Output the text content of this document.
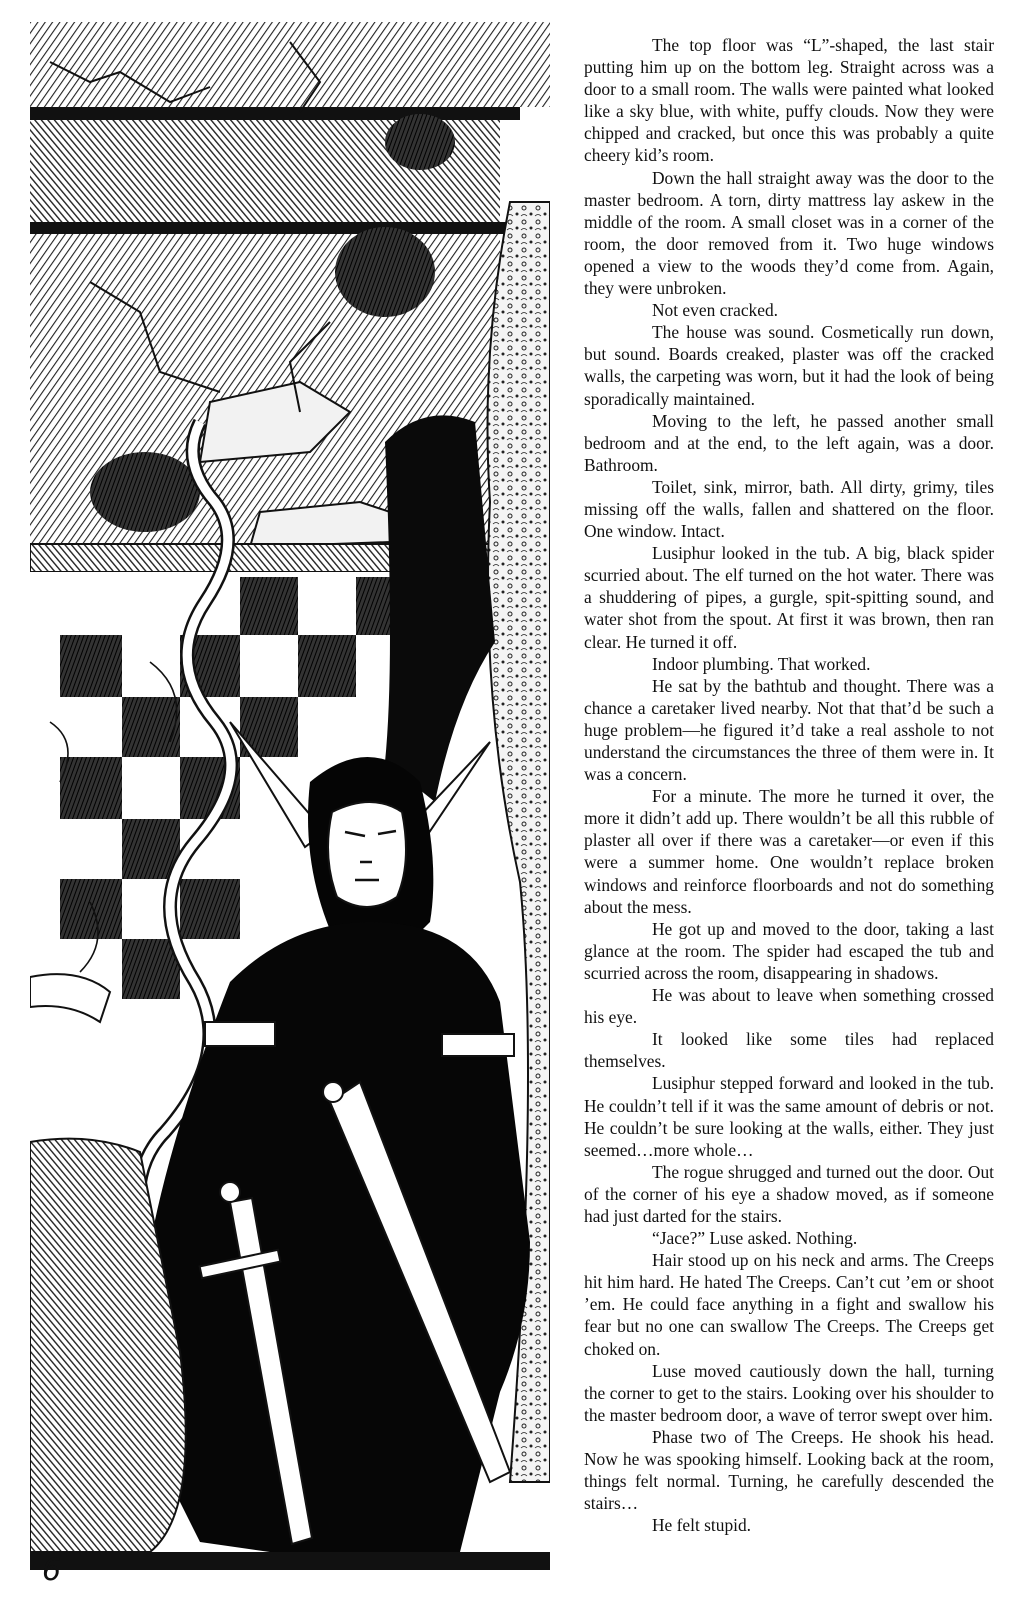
The top floor was “L”-shaped, the last stair putting him up on the bottom leg. Straight across was a door to a small room. The walls were painted what looked like a sky blue, with white, puffy clouds. Now they were chipped and cracked, but once this was probably a quite cheery kid’s room.

Down the hall straight away was the door to the master bedroom. A torn, dirty mattress lay askew in the middle of the room. A small closet was in a corner of the room, the door removed from it. Two huge windows opened a view to the woods they’d come from. Again, they were unbroken.

Not even cracked.

The house was sound. Cosmetically run down, but sound. Boards creaked, plaster was off the cracked walls, the carpeting was worn, but it had the look of being sporadically maintained.

Moving to the left, he passed another small bedroom and at the end, to the left again, was a door. Bathroom.

Toilet, sink, mirror, bath. All dirty, grimy, tiles missing off the walls, fallen and shattered on the floor. One window. Intact.

Lusiphur looked in the tub. A big, black spider scurried about. The elf turned on the hot water. There was a shuddering of pipes, a gurgle, spit-spitting sound, and water shot from the spout. At first it was brown, then ran clear. He turned it off.

Indoor plumbing. That worked.

He sat by the bathtub and thought. There was a chance a caretaker lived nearby. Not that that’d be such a huge problem—he figured it’d take a real asshole to not understand the circumstances the three of them were in. It was a concern.

For a minute. The more he turned it over, the more it didn’t add up. There wouldn’t be all this rubble of plaster all over if there was a caretaker—or even if this were a summer home. One wouldn’t replace broken windows and reinforce floorboards and not do something about the mess.

He got up and moved to the door, taking a last glance at the room. The spider had escaped the tub and scurried across the room, disappearing in shadows.

He was about to leave when something crossed his eye.

It looked like some tiles had replaced themselves.

Lusiphur stepped forward and looked in the tub. He couldn’t tell if it was the same amount of debris or not. He couldn’t be sure looking at the walls, either. They just seemed…more whole…

The rogue shrugged and turned out the door. Out of the corner of his eye a shadow moved, as if someone had just darted for the stairs.

“Jace?” Luse asked. Nothing.

Hair stood up on his neck and arms. The Creeps hit him hard. He hated The Creeps. Can’t cut ’em or shoot ’em. He could face anything in a fight and swallow his fear but no one can swallow The Creeps. The Creeps get choked on.

Luse moved cautiously down the hall, turning the corner to get to the stairs. Looking over his shoulder to the master bedroom door, a wave of terror swept over him.

Phase two of The Creeps. He shook his head. Now he was spooking himself. Looking back at the room, things felt normal. Turning, he carefully descended the stairs…

He felt stupid.

6
